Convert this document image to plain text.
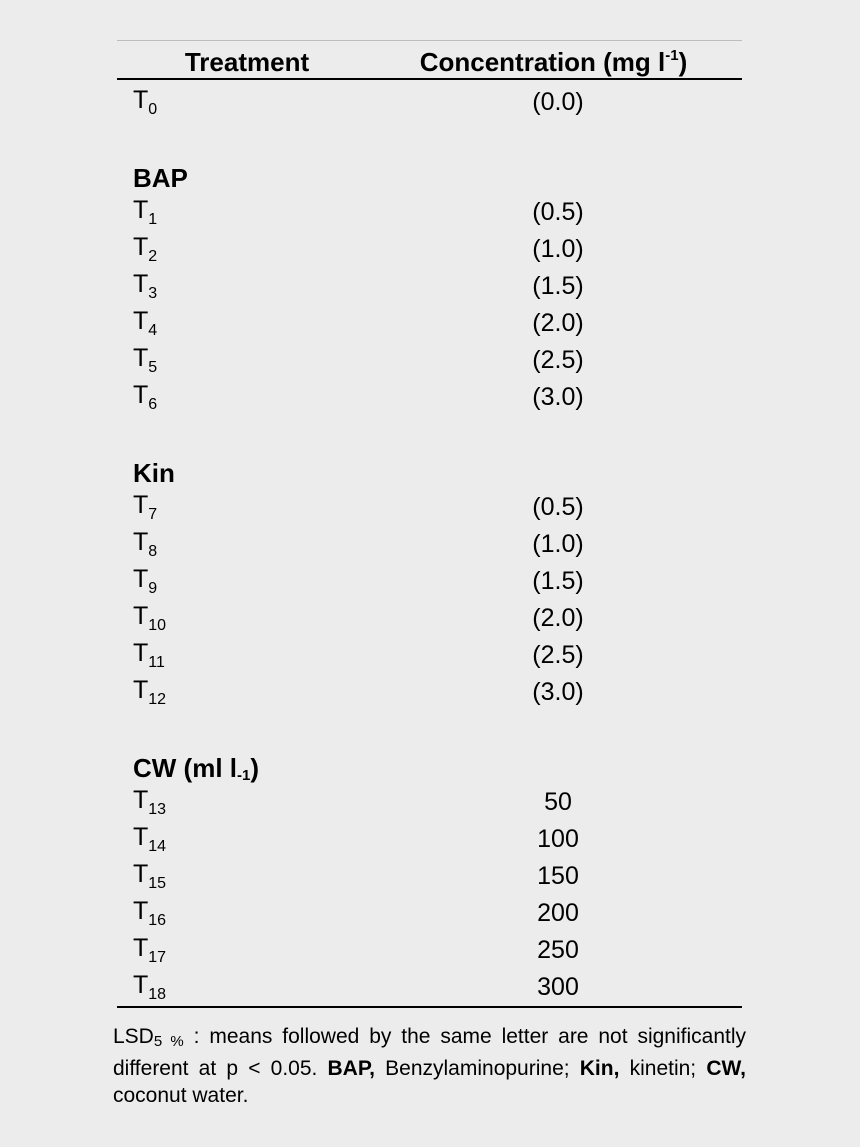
Treatment	Concentration (mg $l^{-1}$)
$T_0$	(0.0)
BAP
$T_1$	(0.5)
$T_2$	(1.0)
$T_3$	(1.5)
$T_4$	(2.0)
$T_5$	(2.5)
$T_6$	(3.0)
Kin
$T_7$	(0.5)
$T_8$	(1.0)
$T_9$	(1.5)
$T_{10}$	(2.0)
$T_{11}$	(2.5)
$T_{12}$	(3.0)
CW (ml $l_{-1}$ )
$T_{13}$	50
$T_{14}$	100
$T_{15}$	150
$T_{16}$	200
$T_{17}$	250
$T_{18}$	300
$LSD_{5 \%}$ : means followed by the same letter are not significantly different at p < 0.05. BAP, Benzylaminopurine; Kin, kinetin; CW, coconut water.
